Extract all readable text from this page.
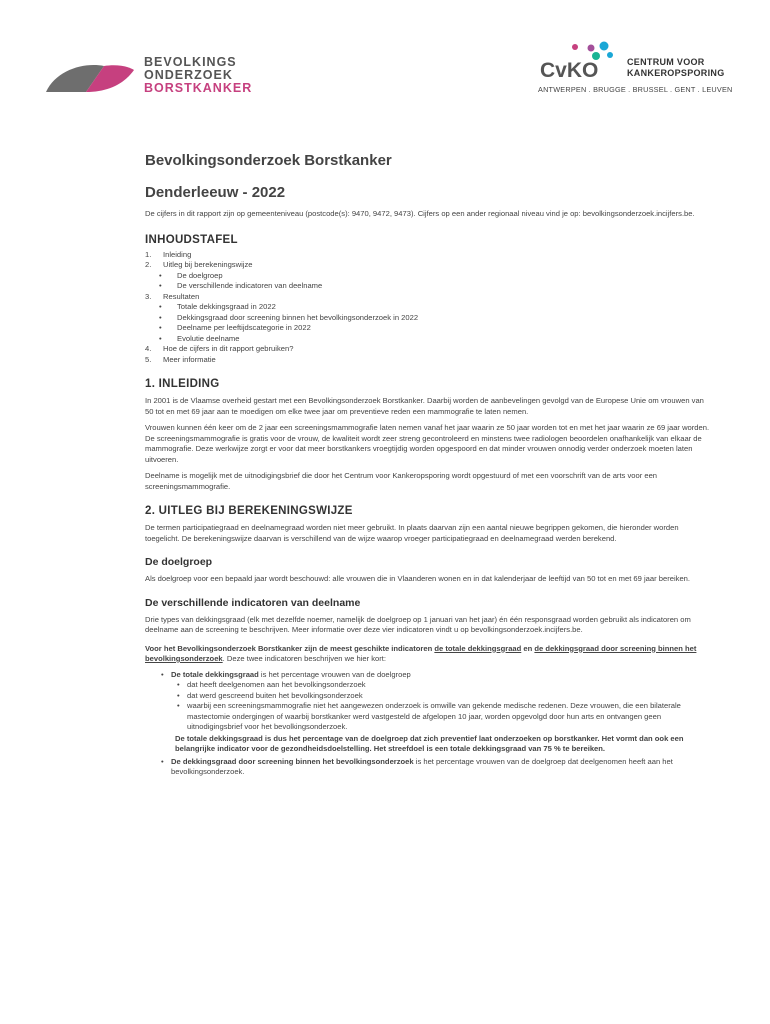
BEVOLKINGS
ONDERZOEK
BORSTKANKER
CvKO	CENTRUM VOOR
KANKEROPSPORING
ANTWERPEN . BRUGGE . BRUSSEL . GENT . LEUVEN
Bevolkingsonderzoek Borstkanker
Denderleeuw - 2022
De cijfers in dit rapport zijn op gemeenteniveau (postcode(s): 9470, 9472, 9473). Cijfers op een ander regionaal niveau vind je op: bevolkingsonderzoek.incijfers.be.
INHOUDSTAFEL
1.	Inleiding
2.	Uitleg bij berekeningswijze
•	De doelgroep
•	De verschillende indicatoren van deelname
3.	Resultaten
•	Totale dekkingsgraad in 2022
•	Dekkingsgraad door screening binnen het bevolkingsonderzoek in 2022
•	Deelname per leeftijdscategorie in 2022
•	Evolutie deelname
4.	Hoe de cijfers in dit rapport gebruiken?
5.	Meer informatie
1. INLEIDING

In 2001 is de Vlaamse overheid gestart met een Bevolkingsonderzoek Borstkanker. Daarbij worden de aanbevelingen gevolgd van de Europese Unie om vrouwen van 50 tot en met 69 jaar aan te moedigen om elke twee jaar om preventieve reden een mammografie te laten nemen.

Vrouwen kunnen één keer om de 2 jaar een screeningsmammografie laten nemen vanaf het jaar waarin ze 50 jaar worden tot en met het jaar waarin ze 69 jaar worden. De screeningsmammografie is gratis voor de vrouw, de kwaliteit wordt zeer streng gecontroleerd en minstens twee radiologen beoordelen onafhankelijk van elkaar de mammografie. Deze werkwijze zorgt er voor dat meer borstkankers vroegtijdig worden opgespoord en dat minder vrouwen onnodig verder onderzoek moeten laten uitvoeren.

Deelname is mogelijk met de uitnodigingsbrief die door het Centrum voor Kankeropsporing wordt opgestuurd of met een voorschrift van de arts voor een screeningsmammografie.

2. UITLEG BIJ BEREKENINGSWIJZE

De termen participatiegraad en deelnamegraad worden niet meer gebruikt. In plaats daarvan zijn een aantal nieuwe begrippen gekomen, die hieronder worden toegelicht. De berekeningswijze daarvan is verschillend van de wijze waarop vroeger participatiegraad en deelnamegraad werden berekend.

De doelgroep

Als doelgroep voor een bepaald jaar wordt beschouwd: alle vrouwen die in Vlaanderen wonen en in dat kalenderjaar de leeftijd van 50 tot en met 69 jaar bereiken.

De verschillende indicatoren van deelname

Drie types van dekkingsgraad (elk met dezelfde noemer, namelijk de doelgroep op 1 januari van het jaar) én één responsgraad worden gebruikt als indicatoren om deelname aan de screening te beschrijven. Meer informatie over deze vier indicatoren vindt u op bevolkingsonderzoek.incijfers.be.

Voor het Bevolkingsonderzoek Borstkanker zijn de meest geschikte indicatoren de totale dekkingsgraad en de dekkingsgraad door screening binnen het bevolkingsonderzoek. Deze twee indicatoren beschrijven we hier kort:

• De totale dekkingsgraad is het percentage vrouwen van de doelgroep

• dat heeft deelgenomen aan het bevolkingsonderzoek

• dat werd gescreend buiten het bevolkingsonderzoek

• waarbij een screeningsmammografie niet het aangewezen onderzoek is omwille van gekende medische redenen. Deze vrouwen, die een bilaterale mastectomie ondergingen of waarbij borstkanker werd vastgesteld de afgelopen 10 jaar, worden opgevolgd door hun arts en ontvangen geen uitnodigingsbrief voor het bevolkingsonderzoek.

De totale dekkingsgraad is dus het percentage van de doelgroep dat zich preventief laat onderzoeken op borstkanker. Het vormt dan ook een belangrijke indicator voor de gezondheidsdoelstelling. Het streefdoel is een totale dekkingsgraad van 75 % te bereiken.

• De dekkingsgraad door screening binnen het bevolkingsonderzoek is het percentage vrouwen van de doelgroep dat deelgenomen heeft aan het bevolkingsonderzoek.
